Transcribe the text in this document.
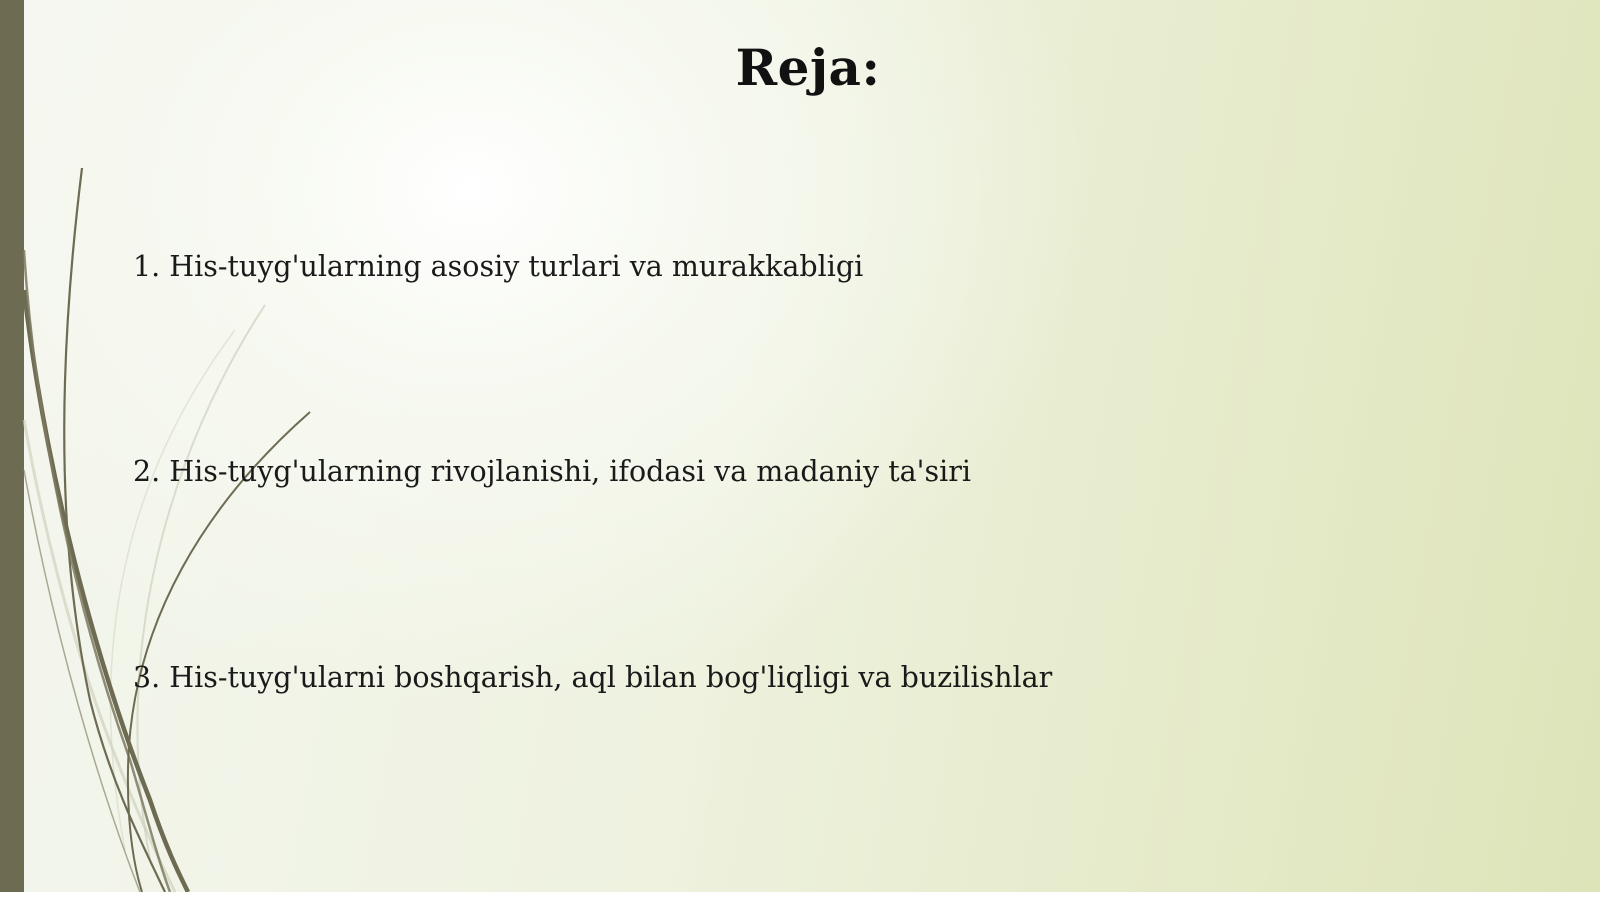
Reja:
1. His-tuyg'ularning asosiy turlari va murakkabligi
2. His-tuyg'ularning rivojlanishi, ifodasi va madaniy ta'siri
3. His-tuyg'ularni boshqarish, aql bilan bog'liqligi va buzilishlar
